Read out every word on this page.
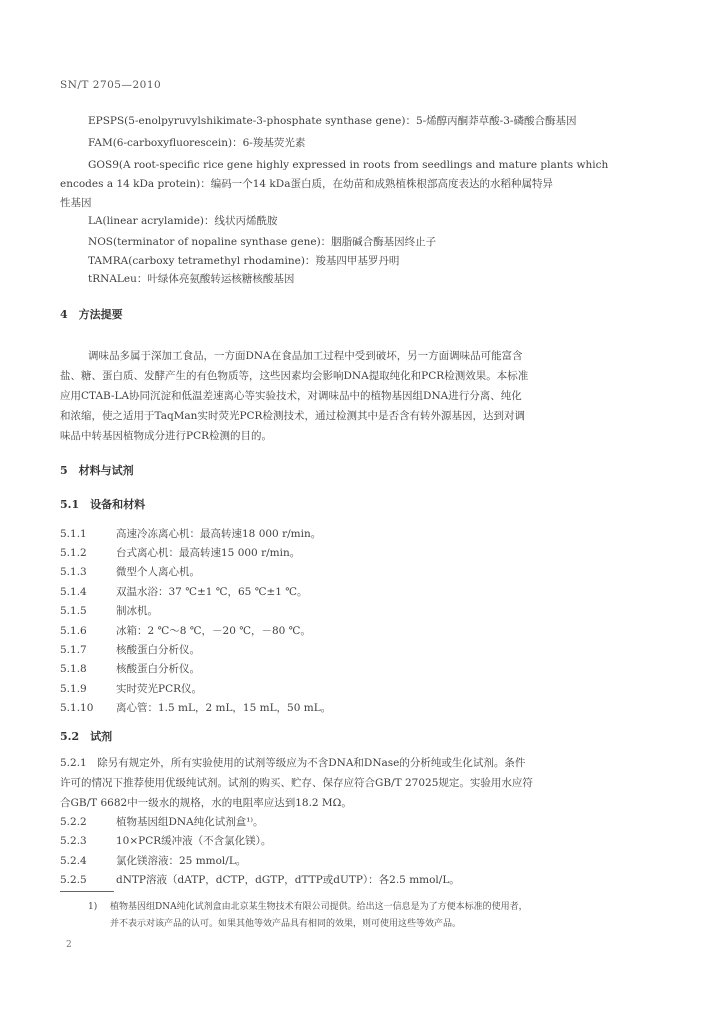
SN/T 2705—2010
EPSPS(5-enolpyruvylshikimate-3-phosphate synthase gene)：5-烯醇丙酮莽草酸-3-磷酸合酶基因
FAM(6-carboxyfluorescein)：6-羧基荧光素
GOS9(A root-specific rice gene highly expressed in roots from seedlings and mature plants which
encodes a 14 kDa protein)：编码一个14 kDa蛋白质，在幼苗和成熟植株根部高度表达的水稻种属特异
性基因
LA(linear acrylamide)：线状丙烯酰胺
NOS(terminator of nopaline synthase gene)：胭脂碱合酶基因终止子
TAMRA(carboxy tetramethyl rhodamine)：羧基四甲基罗丹明
tRNALeu：叶绿体亮氨酸转运核糖核酸基因
4　方法提要
调味品多属于深加工食品，一方面DNA在食品加工过程中受到破坏，另一方面调味品可能富含
盐、糖、蛋白质、发酵产生的有色物质等，这些因素均会影响DNA提取纯化和PCR检测效果。本标准
应用CTAB-LA协同沉淀和低温差速离心等实验技术，对调味品中的植物基因组DNA进行分离、纯化
和浓缩，使之适用于TaqMan实时荧光PCR检测技术，通过检测其中是否含有转外源基因，达到对调
味品中转基因植物成分进行PCR检测的目的。
5　材料与试剂
5.1　设备和材料
5.1.1	高速冷冻离心机：最高转速18 000 r/min。
5.1.2	台式离心机：最高转速15 000 r/min。
5.1.3	微型个人离心机。
5.1.4	双温水浴：37 ℃±1 ℃，65 ℃±1 ℃。
5.1.5	制冰机。
5.1.6	冰箱：2 ℃～8 ℃，－20 ℃，－80 ℃。
5.1.7	核酸蛋白分析仪。
5.1.8	核酸蛋白分析仪。
5.1.9	实时荧光PCR仪。
5.1.10 离心管：1.5 mL，2 mL，15 mL，50 mL。
5.2　试剂
5.2.1　除另有规定外，所有实验使用的试剂等级应为不含DNA和DNase的分析纯或生化试剂。条件
许可的情况下推荐使用优级纯试剂。试剂的购买、贮存、保存应符合GB/T 27025规定。实验用水应符
合GB/T 6682中一级水的规格，水的电阻率应达到18.2 MΩ。
5.2.2	植物基因组DNA纯化试剂盒¹⁾。
5.2.3	10×PCR缓冲液（不含氯化镁）。
5.2.4	氯化镁溶液：25 mmol/L。
5.2.5	dNTP溶液（dATP，dCTP，dGTP，dTTP或dUTP）：各2.5 mmol/L。
1) 植物基因组DNA纯化试剂盒由北京某生物技术有限公司提供。给出这一信息是为了方便本标准的使用者，
并不表示对该产品的认可。如果其他等效产品具有相同的效果，则可使用这些等效产品。
2
